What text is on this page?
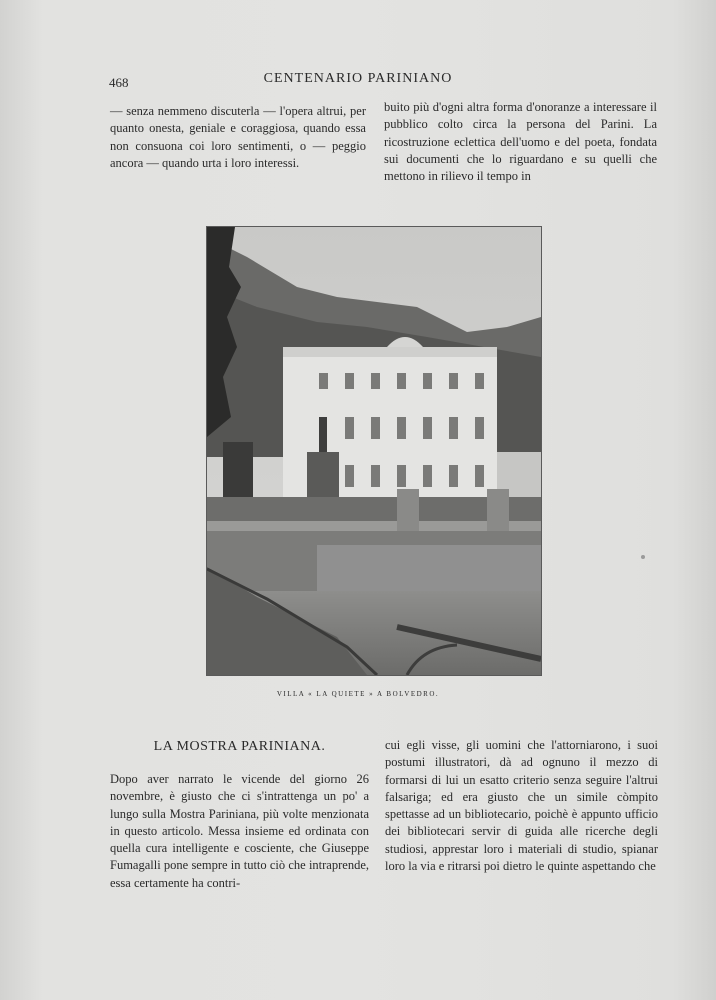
468	CENTENARIO PARINIANO

— senza nemmeno discuterla — l'opera altrui, per quanto onesta, geniale e coraggiosa, quando essa non consuona coi loro sentimenti, o — peggio ancora — quando urta i loro interessi.

buito più d'ogni altra forma d'onoranze a interessare il pubblico colto circa la persona del Parini. La ricostruzione eclettica dell'uomo e del poeta, fondata sui documenti che lo riguardano e su quelli che mettono in rilievo il tempo in

VILLA « LA QUIETE » A BOLVEDRO.
LA MOSTRA PARINIANA.

Dopo aver narrato le vicende del giorno 26 novembre, è giusto che ci s'intrattenga un po' a lungo sulla Mostra Pariniana, più volte menzionata in questo articolo. Messa insieme ed ordinata con quella cura intelligente e cosciente, che Giuseppe Fumagalli pone sempre in tutto ciò che intraprende, essa certamente ha contri-

cui egli visse, gli uomini che l'attorniarono, i suoi postumi illustratori, dà ad ognuno il mezzo di formarsi di lui un esatto criterio senza seguire l'altrui falsariga; ed era giusto che un simile còmpito spettasse ad un bibliotecario, poichè è appunto ufficio dei bibliotecari servir di guida alle ricerche degli studiosi, apprestar loro i materiali di studio, spianar loro la via e ritrarsi poi dietro le quinte aspettando che
